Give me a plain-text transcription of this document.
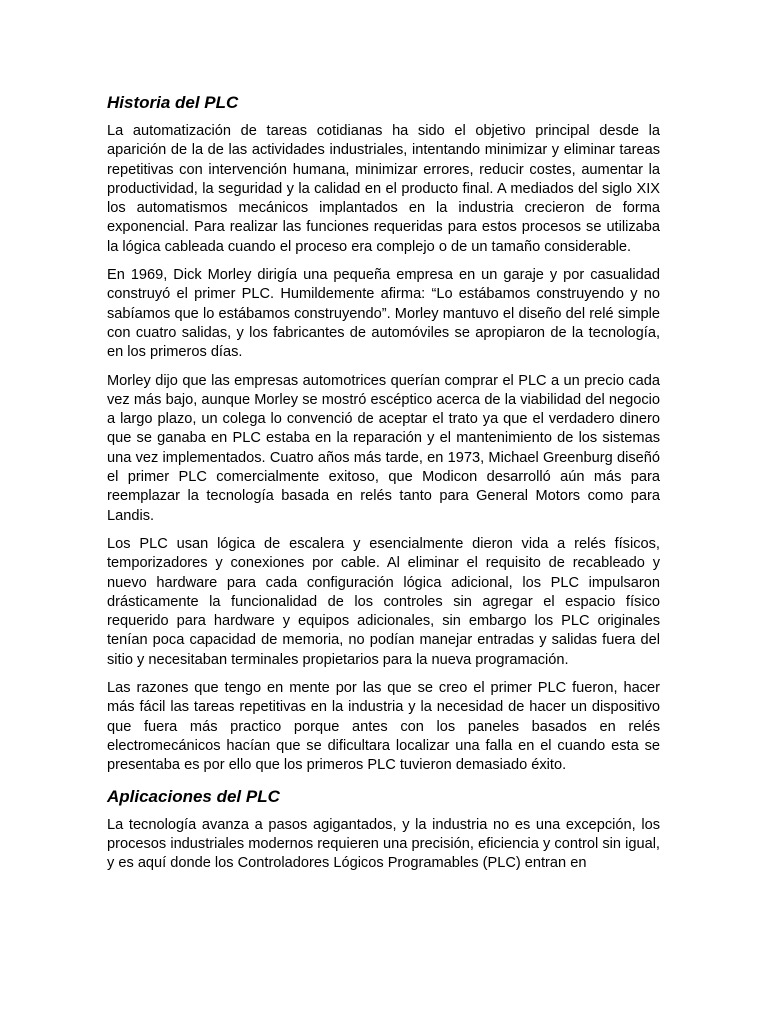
Historia del PLC

La automatización de tareas cotidianas ha sido el objetivo principal desde la aparición de la de las actividades industriales, intentando minimizar y eliminar tareas repetitivas con intervención humana, minimizar errores, reducir costes, aumentar la productividad, la seguridad y la calidad en el producto final. A mediados del siglo XIX los automatismos mecánicos implantados en la industria crecieron de forma exponencial. Para realizar las funciones requeridas para estos procesos se utilizaba la lógica cableada cuando el proceso era complejo o de un tamaño considerable.

En 1969, Dick Morley dirigía una pequeña empresa en un garaje y por casualidad construyó el primer PLC. Humildemente afirma: “Lo estábamos construyendo y no sabíamos que lo estábamos construyendo”. Morley mantuvo el diseño del relé simple con cuatro salidas, y los fabricantes de automóviles se apropiaron de la tecnología, en los primeros días.

Morley dijo que las empresas automotrices querían comprar el PLC a un precio cada vez más bajo, aunque Morley se mostró escéptico acerca de la viabilidad del negocio a largo plazo, un colega lo convenció de aceptar el trato ya que el verdadero dinero que se ganaba en PLC estaba en la reparación y el mantenimiento de los sistemas una vez implementados. Cuatro años más tarde, en 1973, Michael Greenburg diseñó el primer PLC comercialmente exitoso, que Modicon desarrolló aún más para reemplazar la tecnología basada en relés tanto para General Motors como para Landis.

Los PLC usan lógica de escalera y esencialmente dieron vida a relés físicos, temporizadores y conexiones por cable. Al eliminar el requisito de recableado y nuevo hardware para cada configuración lógica adicional, los PLC impulsaron drásticamente la funcionalidad de los controles sin agregar el espacio físico requerido para hardware y equipos adicionales, sin embargo los PLC originales tenían poca capacidad de memoria, no podían manejar entradas y salidas fuera del sitio y necesitaban terminales propietarios para la nueva programación.

Las razones que tengo en mente por las que se creo el primer PLC fueron, hacer más fácil las tareas repetitivas en la industria y la necesidad de hacer un dispositivo que fuera más practico porque antes con los paneles basados en relés electromecánicos hacían que se dificultara localizar una falla en el cuando esta se presentaba es por ello que los primeros PLC tuvieron demasiado éxito.

Aplicaciones del PLC

La tecnología avanza a pasos agigantados, y la industria no es una excepción, los procesos industriales modernos requieren una precisión, eficiencia y control sin igual, y es aquí donde los Controladores Lógicos Programables (PLC) entran en
